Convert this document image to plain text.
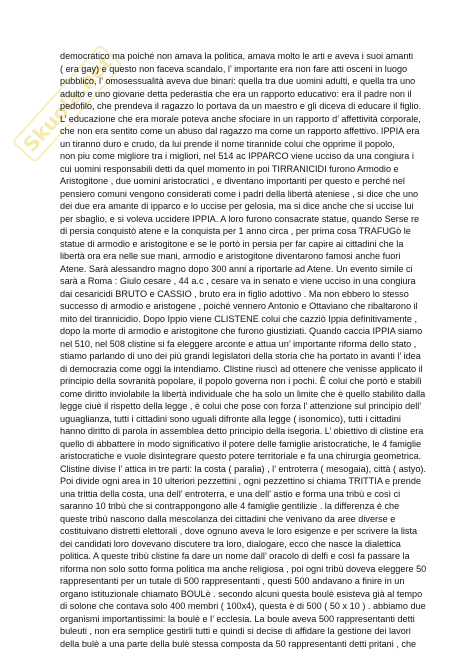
Skuola.net
democratico ma poiché non amava la politica, amava molto le arti e aveva i suoi amanti
( era gay) e questo non faceva scandalo, l’ importante era non fare atti osceni in luogo
pubblico, l’ omosessualità aveva due binari: quella tra due uomini adulti, e quella tra uno
adulto e uno giovane detta pederastia che era un rapporto educativo: era il padre non il
pedofilo, che prendeva il ragazzo lo portava da un maestro e gli diceva di educare il figlio.
L’ educazione che era morale poteva anche sfociare in un rapporto d’ affettività corporale,
che non era sentito come un abuso dal ragazzo ma come un rapporto affettivo. IPPIA era
un tiranno duro e crudo, da lui prende il nome tirannide colui che opprime il popolo,
non piu come migliore tra i migliori, nel 514 ac IPPARCO viene ucciso da una congiura i
cui uomini responsabili detti da quel momento in poi TIRRANICIDI furono Armodio e
Aristogitone , due uomini aristocratici , e diventano importanti per questo e perché nel
pensiero comuni vengono considerati come i padri della libertà ateniese , si dice che uno
dei due era amante di ipparco e lo uccise per gelosia, ma si dice anche che si uccise lui
per sbaglio, e si voleva uccidere IPPIA. A loro furono consacrate statue, quando Serse re
di persia conquistò atene e la conquista per 1 anno circa , per prima cosa TRAFUGò le
statue di armodio e aristogitone e se le portò in persia per far capire ai cittadini che la
libertà ora era nelle sue mani, armodio e aristogitone diventarono famosi anche fuori
Atene. Sarà alessandro magno dopo 300 anni a riportarle ad Atene. Un evento simile ci
sarà a Roma : Giulo cesare , 44 a.c , cesare va in senato e viene ucciso in una congiura
dai cesaricidi BRUTO e CASSIO , bruto era in figlio adottivo . Ma non ebbero lo stesso
successo di armodio e aristogene , poiché vennero Antonio e Ottaviano che ribaltarono il
mito del tirannicidio. Dopo Ippio viene CLISTENE colui che cazziò Ippia definitivamente ,
dopo la morte di armodio e aristogitone che furono giustiziati. Quando caccia IPPIA siamo
nel 510, nel 508 clistine si fa eleggere arconte e attua un’ importante riforma dello stato ,
stiamo parlando di uno dei più grandi legislatori della storia che ha portato in avanti l’ idea
di democrazia come oggi la intendiamo. Clistine riuscì ad ottenere che venisse applicato il
principio della sovranità popolare, il popolo governa non i pochi. È colui che portò e stabilì
come diritto inviolabile la libertà individuale che ha solo un limite che è quello stabilito dalla
legge ciuè il rispetto della legge , è colui che pose con forza l’ attenzione sul principio dell’
uguaglianza, tutti i cittadini sono uguali difronte alla legge ( isonomico), tutti i cittadini
hanno diritto di parola in assemblea detto principio della isegoria. L’ obiettivo di clistine era
quello di abbattere in modo significativo il potere delle famiglie aristocratiche, le 4 famiglie
aristocratiche e vuole disintegrare questo potere territoriale e fa una chirurgia geometrica.
Clistine divise l’ attica in tre parti: la costa ( paralia) , l’ entroterra ( mesogaia), città ( astyo).
Poi divide ogni area in 10 ulteriori pezzettini , ogni pezzettino si chiama TRITTIA e prende
una trittia della costa, una dell’ entroterra, e una dell’ astio e forma una tribù e così ci
saranno 10 tribù che si contrappongono alle 4 famiglie gentilizie . la differenza è che
queste tribù nascono dalla mescolanza dei cittadini che venivano da aree diverse e
costituivano distretti elettorali , dove ognuno aveva le loro esigenze e per scrivere la lista
dei candidati loro dovevano discutere tra loro, dialogare, ecco che nasce la dialettica
politica. A queste tribù clistine fa dare un nome dall’ oracolo di delfi e così fa passare la
riforma non solo sotto forma politica ma anche religiosa , poi ogni tribù doveva eleggere 50
rappresentanti per un tutale di 500 rappresentanti , questi 500 andavano a finire in un
organo istituzionale chiamato BOULè . secondo alcuni questa boulè esisteva già al tempo
di solone che contava solo 400 membri ( 100x4), questa è di 500 ( 50 x 10 ) . abbiamo due
organismi importantissimi: la boulè e l’ ecclesia. La boule aveva 500 rappresentanti detti
buleuti , non era semplice gestirli tutti e quindi si decise di affidare la gestione dei lavori
della bulè a una parte della bulè stessa composta da 50 rappresentanti detti pritani , che
